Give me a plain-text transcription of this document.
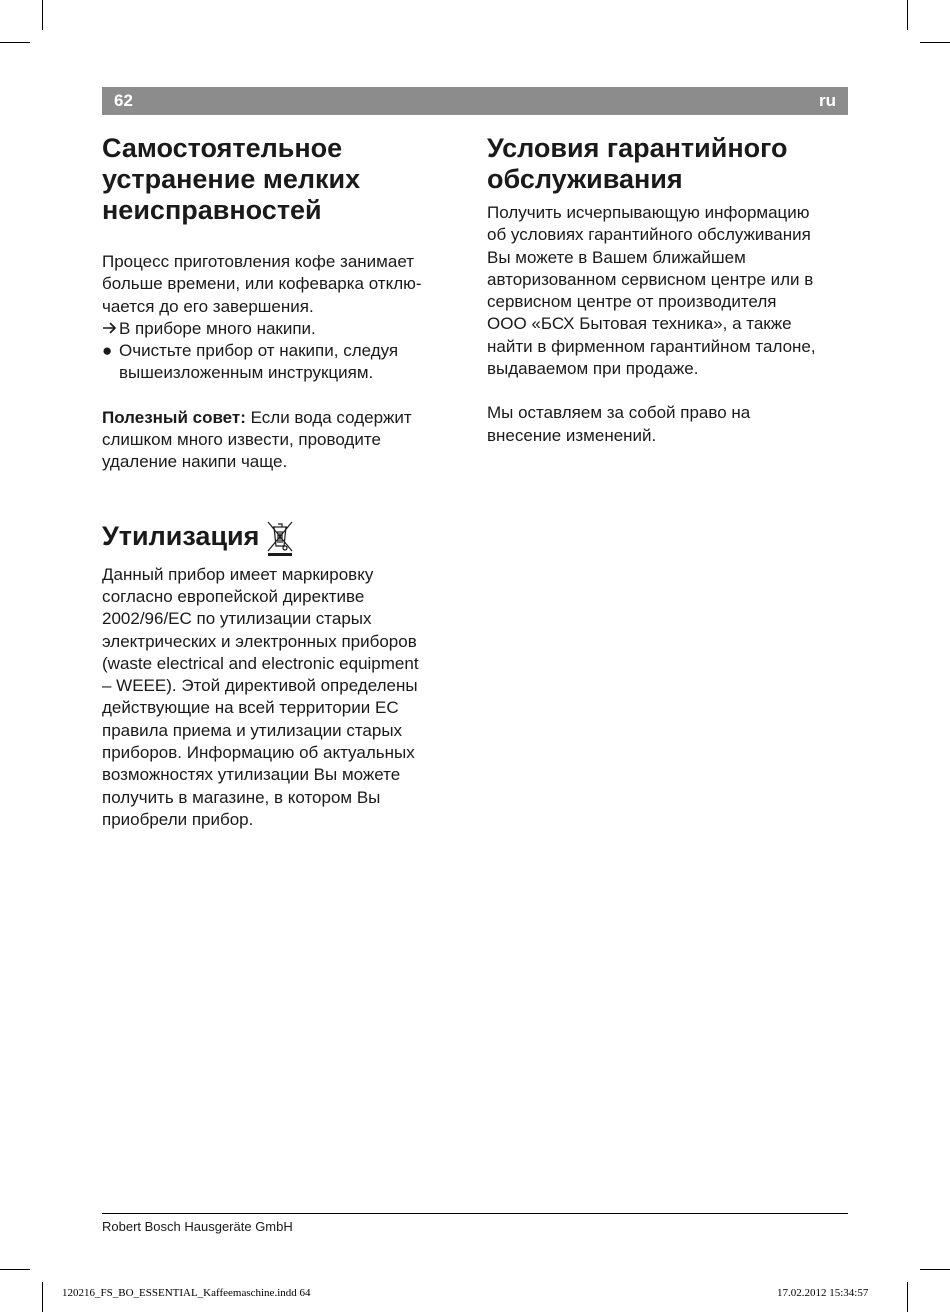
62	ru
Самостоятельное устранение мелких неисправностей
Процесс приготовления кофе занимает
больше времени, или кофеварка отклю-
чается до его завершения.
В приборе много накипи.
● Очистьте прибор от накипи, следуя
вышеизложенным инструкциям.
Полезный совет: Если вода содержит
слишком много извести, проводите
удаление накипи чаще.
Утилизация
Данный прибор имеет маркировку
согласно европейской директиве
2002/96/ЕС по утилизации старых
электрических и электронных приборов
(waste electrical and electronic equipment
– WEEE). Этой директивой определены
действующие на всей территории ЕС
правила приема и утилизации старых
приборов. Информацию об актуальных
возможностях утилизации Вы можете
получить в магазине, в котором Вы
приобрели прибор.
Условия гарантийного
обслуживания
Получить исчерпывающую информацию
об условиях гарантийного обслуживания
Вы можете в Вашем ближайшем
авторизованном сервисном центре или в
сервисном центре от производителя
ООО «БСХ Бытовая техника», а также
найти в фирменном гарантийном талоне,
выдаваемом при продаже.
Мы оставляем за собой право на
внесение изменений.
Robert Bosch Hausgeräte GmbH
120216_FS_BO_ESSENTIAL_Kaffeemaschine.indd 64	17.02.2012 15:34:57
